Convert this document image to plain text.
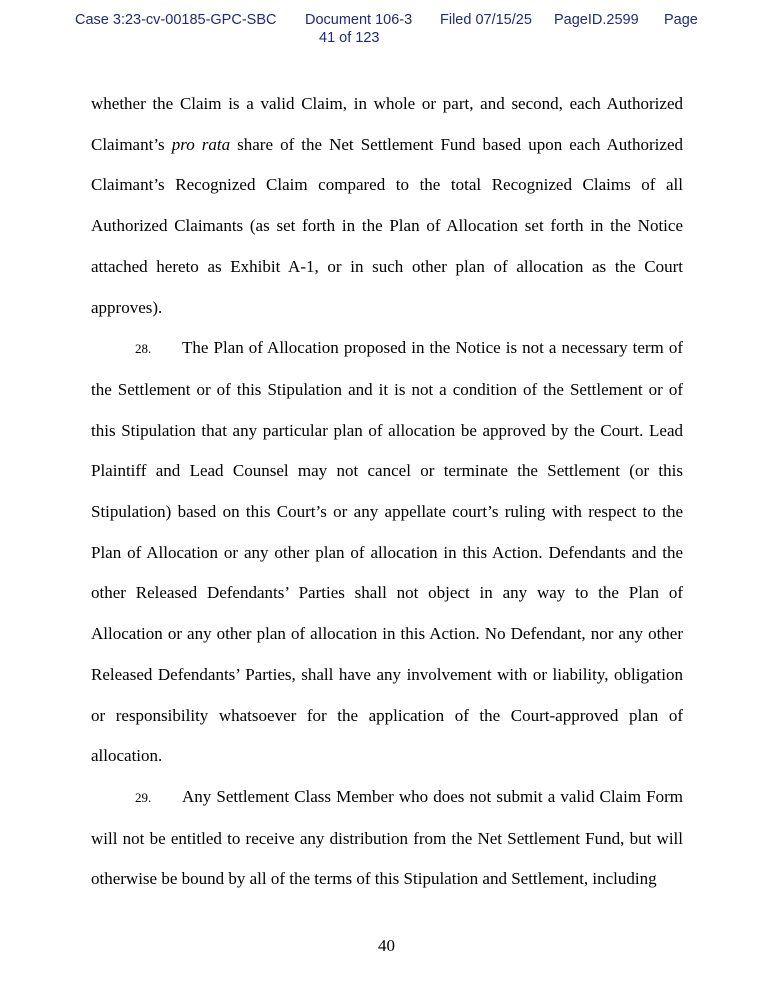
Case 3:23-cv-00185-GPC-SBC Document 106-3
41 of 123
Filed 07/15/25 PageID.2599 Page

whether the Claim is a valid Claim, in whole or part, and second, each Authorized Claimant’s pro rata share of the Net Settlement Fund based upon each Authorized Claimant’s Recognized Claim compared to the total Recognized Claims of all Authorized Claimants (as set forth in the Plan of Allocation set forth in the Notice attached hereto as Exhibit A-1, or in such other plan of allocation as the Court approves).

28. The Plan of Allocation proposed in the Notice is not a necessary term of the Settlement or of this Stipulation and it is not a condition of the Settlement or of this Stipulation that any particular plan of allocation be approved by the Court. Lead Plaintiff and Lead Counsel may not cancel or terminate the Settlement (or this Stipulation) based on this Court’s or any appellate court’s ruling with respect to the Plan of Allocation or any other plan of allocation in this Action. Defendants and the other Released Defendants’ Parties shall not object in any way to the Plan of Allocation or any other plan of allocation in this Action. No Defendant, nor any other Released Defendants’ Parties, shall have any involvement with or liability, obligation or responsibility whatsoever for the application of the Court-approved plan of allocation.

29. Any Settlement Class Member who does not submit a valid Claim Form will not be entitled to receive any distribution from the Net Settlement Fund, but will otherwise be bound by all of the terms of this Stipulation and Settlement, including

40
